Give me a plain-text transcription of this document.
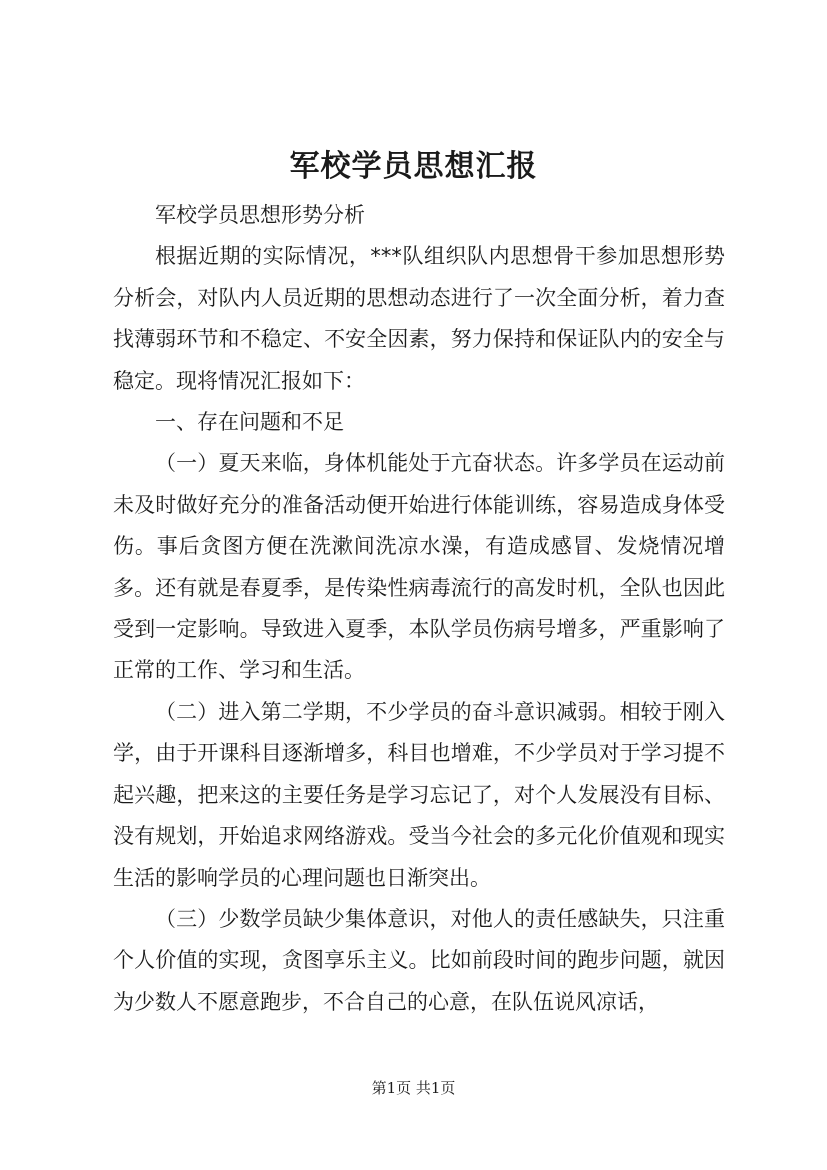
军校学员思想汇报

军校学员思想形势分析

根据近期的实际情况，***队组织队内思想骨干参加思想形势分析会，对队内人员近期的思想动态进行了一次全面分析，着力查找薄弱环节和不稳定、不安全因素，努力保持和保证队内的安全与稳定。现将情况汇报如下：

一、存在问题和不足

（一）夏天来临，身体机能处于亢奋状态。许多学员在运动前未及时做好充分的准备活动便开始进行体能训练，容易造成身体受伤。事后贪图方便在洗漱间洗凉水澡，有造成感冒、发烧情况增多。还有就是春夏季，是传染性病毒流行的高发时机，全队也因此受到一定影响。导致进入夏季，本队学员伤病号增多，严重影响了正常的工作、学习和生活。

（二）进入第二学期，不少学员的奋斗意识减弱。相较于刚入学，由于开课科目逐渐增多，科目也增难，不少学员对于学习提不起兴趣，把来这的主要任务是学习忘记了，对个人发展没有目标、没有规划，开始追求网络游戏。受当今社会的多元化价值观和现实生活的影响学员的心理问题也日渐突出。

（三）少数学员缺少集体意识，对他人的责任感缺失，只注重个人价值的实现，贪图享乐主义。比如前段时间的跑步问题，就因为少数人不愿意跑步，不合自己的心意，在队伍说风凉话，

第1页 共1页
